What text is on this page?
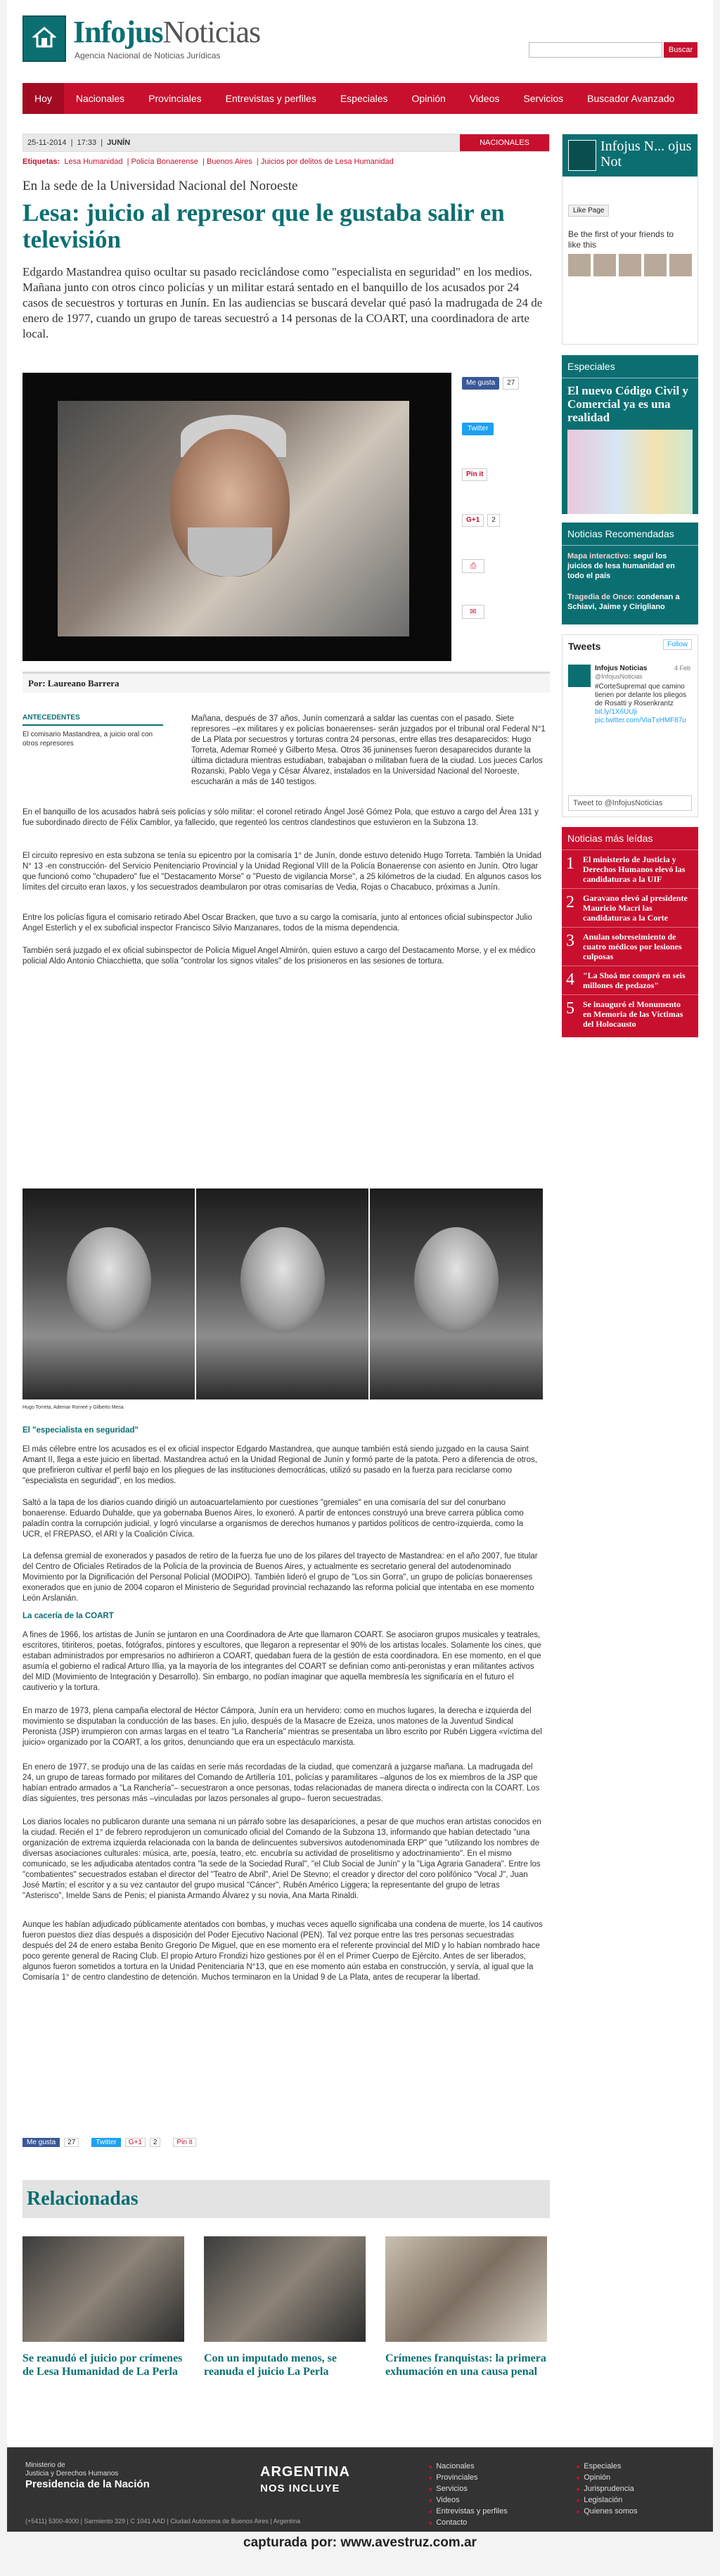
InfojusNoticias
Agencia Nacional de Noticias Jurídicas
Buscar
Hoy	Nacionales	Provinciales	Entrevistas y perfiles	Especiales	Opinión	Videos	Servicios	Buscador Avanzado
25-11-2014  |  17:33  |  JUNÍN	NACIONALES
Etiquetas: Lesa Humanidad  | Policía Bonaerense  | Buenos Aires  | Juicios por delitos de Lesa Humanidad
En la sede de la Universidad Nacional del Noroeste
Lesa: juicio al represor que le gustaba salir en televisión
Edgardo Mastandrea quiso ocultar su pasado reciclándose como "especialista en seguridad" en los medios. Mañana junto con otros cinco policías y un militar estará sentado en el banquillo de los acusados por 24 casos de secuestros y torturas en Junín. En las audiencias se buscará develar qué pasó la madrugada de 24 de enero de 1977, cuando un grupo de tareas secuestró a 14 personas de la COART, una coordinadora de arte local.
Me gusta	27
Twitter
Pin it
G+1	2
⎙
✉
Por: Laureano Barrera
ANTECEDENTES
El comisario Mastandrea, a juicio oral con otros represores
Mañana, después de 37 años, Junín comenzará a saldar las cuentas con el pasado. Siete represores –ex militares y ex policías bonaerenses- serán juzgados por el tribunal oral Federal N°1 de La Plata por secuestros y torturas contra 24 personas, entre ellas tres desaparecidos: Hugo Torreta, Ademar Romeé y Gilberto Mesa. Otros 36 juninenses fueron desaparecidos durante la última dictadura mientras estudiaban, trabajaban o militaban fuera de la ciudad. Los jueces Carlos Rozanski, Pablo Vega y César Álvarez, instalados en la Universidad Nacional del Noroeste, escucharán a más de 140 testigos.
En el banquillo de los acusados habrá seis policías y sólo militar: el coronel retirado Ángel José Gómez Pola, que estuvo a cargo del Área 131 y fue subordinado directo de Félix Camblor, ya fallecido, que regenteó los centros clandestinos que estuvieron en la Subzona 13.
El circuito represivo en esta subzona se tenía su epicentro por la comisaría 1° de Junín, donde estuvo detenido Hugo Torreta. También la Unidad N° 13 -en construcción- del Servicio Penitenciario Provincial y la Unidad Regional VIII de la Policía Bonaerense con asiento en Junín. Otro lugar que funcionó como "chupadero" fue el "Destacamento Morse" o "Puesto de vigilancia Morse", a 25 kilómetros de la ciudad. En algunos casos los límites del circuito eran laxos, y los secuestrados deambularon por otras comisarías de Vedia, Rojas o Chacabuco, próximas a Junín.
Entre los policías figura el comisario retirado Abel Oscar Bracken, que tuvo a su cargo la comisaría, junto al entonces oficial subinspector Julio Angel Esterlich y el ex suboficial inspector Francisco Silvio Manzanares, todos de la misma dependencia.
También será juzgado el ex oficial subinspector de Policía Miguel Angel Almirón, quien estuvo a cargo del Destacamento Morse, y el ex médico policial Aldo Antonio Chiacchietta, que solía "controlar los signos vitales" de los prisioneros en las sesiones de tortura.
Hugo Torreta, Ademar Romeé y Gilberto Mesa
El "especialista en seguridad"
El más célebre entre los acusados es el ex oficial inspector Edgardo Mastandrea, que aunque también está siendo juzgado en la causa Saint Amant II, llega a este juicio en libertad. Mastandrea actuó en la Unidad Regional de Junín y formó parte de la patota. Pero a diferencia de otros, que prefirieron cultivar el perfil bajo en los pliegues de las instituciones democráticas, utilizó su pasado en la fuerza para reciclarse como "especialista en seguridad", en los medios.
Saltó a la tapa de los diarios cuando dirigió un autoacuartelamiento por cuestiones "gremiales" en una comisaría del sur del conurbano bonaerense. Eduardo Duhalde, que ya gobernaba Buenos Aires, lo exoneró. A partir de entonces construyó una breve carrera pública como paladín contra la corrupción judicial, y logró vincularse a organismos de derechos humanos y partidos políticos de centro-izquierda, como la UCR, el FREPASO, el ARI y la Coalición Cívica.
La defensa gremial de exonerados y pasados de retiro de la fuerza fue uno de los pilares del trayecto de Mastandrea: en el año 2007, fue titular del Centro de Oficiales Retirados de la Policía de la provincia de Buenos Aires, y actualmente es secretario general del autodenominado Movimiento por la Dignificación del Personal Policial (MODIPO). También lideró el grupo de "Los sin Gorra", un grupo de policías bonaerenses exonerados que en junio de 2004 coparon el Ministerio de Seguridad provincial rechazando las reforma policial que intentaba en ese momento León Arslanián.
La cacería de la COART
A fines de 1966, los artistas de Junín se juntaron en una Coordinadora de Arte que llamaron COART. Se asociaron grupos musicales y teatrales, escritores, titiriteros, poetas, fotógrafos, pintores y escultores, que llegaron a representar el 90% de los artistas locales. Solamente los cines, que estaban administrados por empresarios no adhirieron a COART, quedaban fuera de la gestión de esta coordinadora. En ese momento, en el que asumía el gobierno el radical Arturo Illia, ya la mayoría de los integrantes del COART se definían como anti-peronistas y eran militantes activos del MID (Movimiento de Integración y Desarrollo). Sin embargo, no podían imaginar que aquella membresía les significaría en el futuro el cautiverio y la tortura.
En marzo de 1973, plena campaña electoral de Héctor Cámpora, Junín era un hervidero: como en muchos lugares, la derecha e izquierda del movimiento se disputaban la conducción de las bases. En julio, después de la Masacre de Ezeiza, unos matones de la Juventud Sindical Peronista (JSP) irrumpieron con armas largas en el teatro "La Ranchería" mientras se presentaba un libro escrito por Rubén Liggera «víctima del juicio» organizado por la COART, a los gritos, denunciando que era un espectáculo marxista.
En enero de 1977, se produjo una de las caídas en serie más recordadas de la ciudad, que comenzará a juzgarse mañana. La madrugada del 24, un grupo de tareas formado por militares del Comando de Artillería 101, policías y paramilitares –algunos de los ex miembros de la JSP que habían entrado armados a "La Ranchería"– secuestraron a once personas, todas relacionadas de manera directa o indirecta con la COART. Los días siguientes, tres personas más –vinculadas por lazos personales al grupo– fueron secuestradas.
Los diarios locales no publicaron durante una semana ni un párrafo sobre las desapariciones, a pesar de que muchos eran artistas conocidos en la ciudad. Recién el 1° de febrero reprodujeron un comunicado oficial del Comando de la Subzona 13, informando que habían detectado "una organización de extrema izquierda relacionada con la banda de delincuentes subversivos autodenominada ERP" que "utilizando los nombres de diversas asociaciones culturales: música, arte, poesía, teatro, etc. encubría su actividad de proselitismo y adoctrinamiento". En el mismo comunicado, se les adjudicaba atentados contra "la sede de la Sociedad Rural", "el Club Social de Junín" y la "Liga Agraria Ganadera". Entre los "combatientes" secuestrados estaban el director del "Teatro de Abril", Ariel De Stevno; el creador y director del coro polifónico "Vocal J", Juan José Martín; el escritor y a su vez cantautor del grupo musical "Cáncer", Rubén Américo Liggera; la representante del grupo de letras "Asterisco", Imelde Sans de Penis; el pianista Armando Álvarez y su novia, Ana Marta Rinaldi.
Aunque les habían adjudicado públicamente atentados con bombas, y muchas veces aquello significaba una condena de muerte, los 14 cautivos fueron puestos diez días después a disposición del Poder Ejecutivo Nacional (PEN). Tal vez porque entre las tres personas secuestradas después del 24 de enero estaba Benito Gregorio De Miguel, que en ese momento era el referente provincial del MID y lo habían nombrado hace poco gerente general de Racing Club. El propio Arturo Frondizi hizo gestiones por él en el Primer Cuerpo de Ejército. Antes de ser liberados, algunos fueron sometidos a tortura en la Unidad Penitenciaria N°13, que en ese momento aún estaba en construcción, y servía, al igual que la Comisaría 1° de centro clandestino de detención. Muchos terminaron en la Unidad 9 de La Plata, antes de recuperar la libertad.
Me gusta	27	Twitter	G+1	2	Pin it
Relacionadas
Se reanudó el juicio por crímenes de Lesa Humanidad de La Perla
Con un imputado menos, se reanuda el juicio La Perla
Crímenes franquistas: la primera exhumación en una causa penal
Infojus N... ojus Not
Like Page
Be the first of your friends to like this
Especiales
El nuevo Código Civil y Comercial ya es una realidad
Noticias Recomendadas
Mapa interactivo: seguí los juicios de lesa humanidad en todo el país
Tragedia de Once: condenan a Schiavi, Jaime y Cirigliano
Tweets	Follow
Infojus Noticias
@InfojusNoticias
4 Feb
#CorteSupremaI que camino tienen por delante los pliegos de Rosatti y Rosenkrantz bit.ly/1X6UUji pic.twitter.com/ViaTxHMF87u
Tweet to @InfojusNoticias
Noticias más leídas
1	El ministerio de Justicia y Derechos Humanos elevó las candidaturas a la UIF
2	Garavano elevó al presidente Mauricio Macri las candidaturas a la Corte
3	Anulan sobreseimiento de cuatro médicos por lesiones culposas
4	"La Shoá me compró en seis millones de pedazos"
5	Se inauguró el Monumento en Memoria de las Víctimas del Holocausto
Ministerio de
Justicia y Derechos Humanos
Presidencia de la Nación
(+5411) 5300-4000 | Sarmiento 329 | C 1041 AAD | Ciudad Autónoma de Buenos Aires | Argentina
ARGENTINA
NOS INCLUYE
■ Nacionales
■ Provinciales
■ Servicios
■ Videos
■ Entrevistas y perfiles
■ Contacto
■ Especiales
■ Opinión
■ Jurisprudencia
■ Legislación
■ Quienes somos
capturada por: www.avestruz.com.ar
